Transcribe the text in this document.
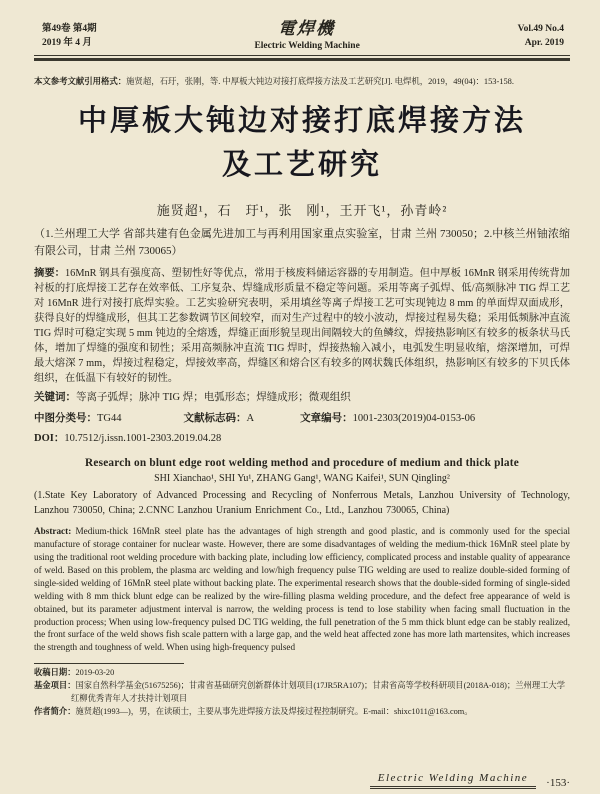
第49卷 第4期
2019 年 4 月
電焊機
Electric Welding Machine
Vol.49 No.4
Apr. 2019
本文参考文献引用格式：施贤超，石玗，张刚，等. 中厚板大钝边对接打底焊接方法及工艺研究[J]. 电焊机，2019，49(04)：153-158.
中厚板大钝边对接打底焊接方法
及工艺研究
施贤超¹，石　玗¹，张　刚¹，王开飞¹，孙青岭²
（1.兰州理工大学 省部共建有色金属先进加工与再利用国家重点实验室，甘肃 兰州 730050；2.中核兰州铀浓缩有限公司，甘肃 兰州 730065）
摘要：16MnR 钢具有强度高、塑韧性好等优点，常用于核废料储运容器的专用制造。但中厚板 16MnR 钢采用传统背加衬板的打底焊接工艺存在效率低、工序复杂、焊缝成形质量不稳定等问题。采用等离子弧焊、低/高频脉冲 TIG 焊工艺对 16MnR 进行对接打底焊实验。工艺实验研究表明，采用填丝等离子焊接工艺可实现钝边 8 mm 的单面焊双面成形，获得良好的焊缝成形，但其工艺参数调节区间较窄，而对生产过程中的较小波动，焊接过程易失稳；采用低频脉冲直流 TIG 焊时可稳定实现 5 mm 钝边的全熔透，焊缝正面形貌呈现出间隔较大的鱼鳞纹，焊接热影响区有较多的板条状马氏体，增加了焊缝的强度和韧性；采用高频脉冲直流 TIG 焊时，焊接热输入减小，电弧发生明显收缩，熔深增加，可焊最大熔深 7 mm，焊接过程稳定，焊接效率高，焊缝区和熔合区有较多的网状魏氏体组织，热影响区有较多的下贝氏体组织，在低温下有较好的韧性。
关键词：等离子弧焊；脉冲 TIG 焊；电弧形态；焊缝成形；微观组织
中图分类号：TG44	文献标志码：A	文章编号：1001-2303(2019)04-0153-06
DOI：10.7512/j.issn.1001-2303.2019.04.28
Research on blunt edge root welding method and procedure of medium and thick plate
SHI Xianchao¹, SHI Yu¹, ZHANG Gang¹, WANG Kaifei¹, SUN Qingling²
(1.State Key Laboratory of Advanced Processing and Recycling of Nonferrous Metals, Lanzhou University of Technology, Lanzhou 730050, China; 2.CNNC Lanzhou Uranium Enrichment Co., Ltd., Lanzhou 730065, China)
Abstract: Medium-thick 16MnR steel plate has the advantages of high strength and good plastic, and is commonly used for the special manufacture of storage container for nuclear waste. However, there are some disadvantages of welding the medium-thick 16MnR steel plate by using the traditional root welding procedure with backing plate, including low efficiency, complicated process and instable quality of appearance of weld. Based on this problem, the plasma arc welding and low/high frequency pulse TIG welding are used to realize double-sided forming of single-sided welding of 16MnR steel plate without backing plate. The experimental research shows that the double-sided forming of single-sided welding with 8 mm thick blunt edge can be realized by the wire-filling plasma welding procedure, and the defect free appearance of weld is obtained, but its parameter adjustment interval is narrow, the welding process is tend to lose stability when facing small fluctuation in the production process; When using low-frequency pulsed DC TIG welding, the full penetration of the 5 mm thick blunt edge can be stably realized, the front surface of the weld shows fish scale pattern with a large gap, and the weld heat affected zone has more lath martensites, which increases the strength and toughness of weld. When using high-frequency pulsed
收稿日期：2019-03-20
基金项目：国家自然科学基金(51675256)；甘肃省基础研究创新群体计划项目(17JR5RA107)；甘肃省高等学校科研项目(2018A-018)；兰州理工大学红柳优秀青年人才扶持计划项目
作者简介：施贤超(1993—)，男，在读硕士，主要从事先进焊接方法及焊接过程控制研究。E-mail：shixc1011@163.com。
Electric Welding Machine	·153·
